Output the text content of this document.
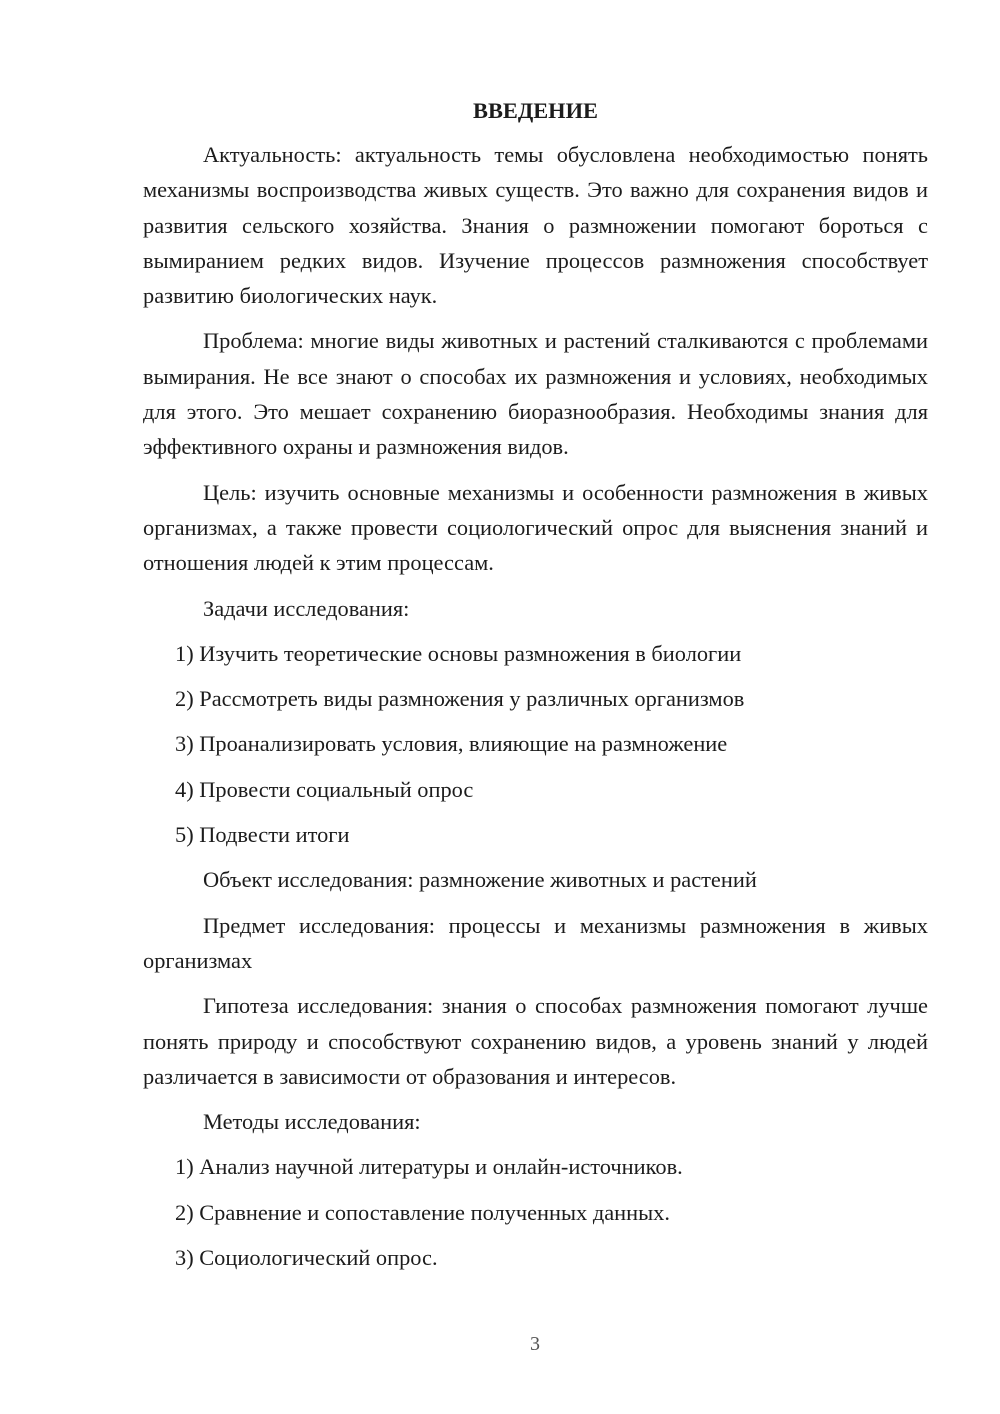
ВВЕДЕНИЕ
Актуальность: актуальность темы обусловлена необходимостью понять механизмы воспроизводства живых существ. Это важно для сохранения видов и развития сельского хозяйства. Знания о размножении помогают бороться с вымиранием редких видов. Изучение процессов размножения способствует развитию биологических наук.
Проблема: многие виды животных и растений сталкиваются с проблемами вымирания. Не все знают о способах их размножения и условиях, необходимых для этого. Это мешает сохранению биоразнообразия. Необходимы знания для эффективного охраны и размножения видов.
Цель: изучить основные механизмы и особенности размножения в живых организмах, а также провести социологический опрос для выяснения знаний и отношения людей к этим процессам.
Задачи исследования:
1) Изучить теоретические основы размножения в биологии
2) Рассмотреть виды размножения у различных организмов
3) Проанализировать условия, влияющие на размножение
4) Провести социальный опрос
5) Подвести итоги
Объект исследования: размножение животных и растений
Предмет исследования: процессы и механизмы размножения в живых организмах
Гипотеза исследования: знания о способах размножения помогают лучше понять природу и способствуют сохранению видов, а уровень знаний у людей различается в зависимости от образования и интересов.
Методы исследования:
1) Анализ научной литературы и онлайн-источников.
2) Сравнение и сопоставление полученных данных.
3) Социологический опрос.
3
